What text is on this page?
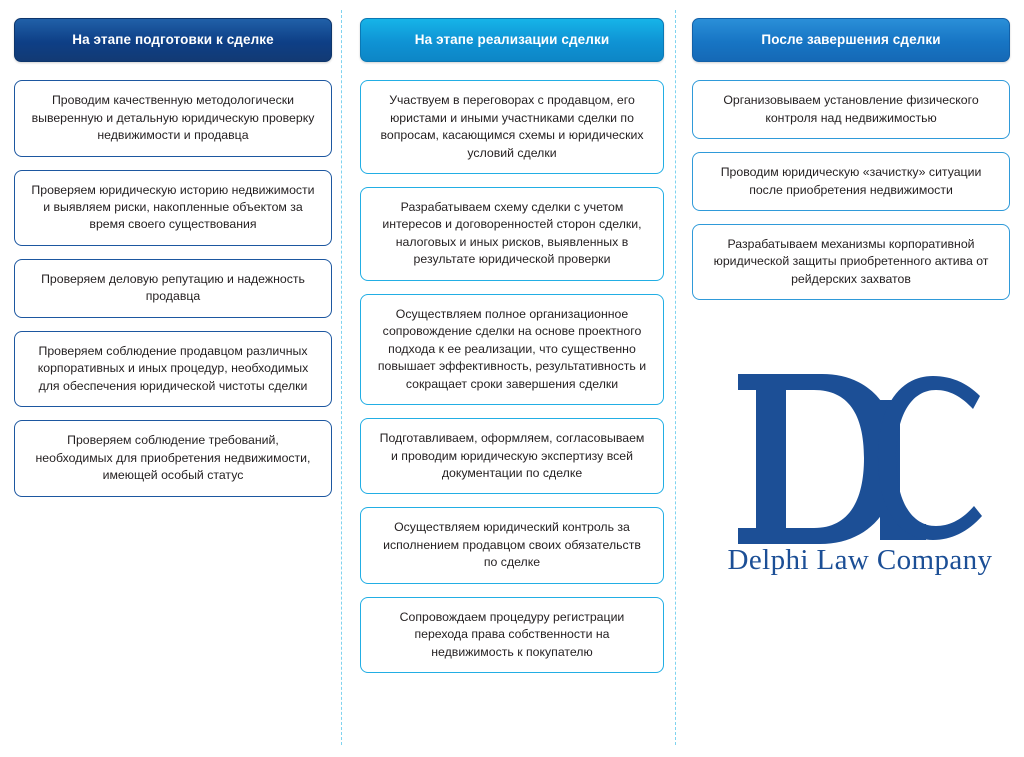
На этапе подготовки к сделке
Проводим качественную методологически выверенную и детальную юридическую проверку недвижимости и продавца
Проверяем юридическую историю недвижимости и выявляем риски, накопленные объектом за время своего существования
Проверяем деловую репутацию и надежность продавца
Проверяем соблюдение продавцом различных корпоративных и иных процедур, необходимых для обеспечения юридической чистоты сделки
Проверяем соблюдение требований, необходимых для приобретения недвижимости, имеющей особый статус
На этапе реализации сделки
Участвуем в переговорах с продавцом, его юристами и иными участниками сделки по вопросам, касающимся схемы и юридических условий сделки
Разрабатываем схему сделки с учетом интересов и договоренностей сторон сделки, налоговых и иных рисков, выявленных в результате юридической проверки
Осуществляем полное организационное сопровождение сделки на основе проектного подхода к ее реализации, что существенно повышает эффективность, результативность и сокращает сроки завершения сделки
Подготавливаем, оформляем, согласовываем и проводим юридическую экспертизу всей документации по сделке
Осуществляем юридический контроль за исполнением продавцом своих обязательств по сделке
Сопровождаем процедуру регистрации перехода права собственности на недвижимость к покупателю
После завершения сделки
Организовываем установление физического контроля над недвижимостью
Проводим юридическую «зачистку» ситуации после приобретения недвижимости
Разрабатываем механизмы корпоративной юридической защиты приобретенного актива от рейдерских захватов
Delphi Law Company
